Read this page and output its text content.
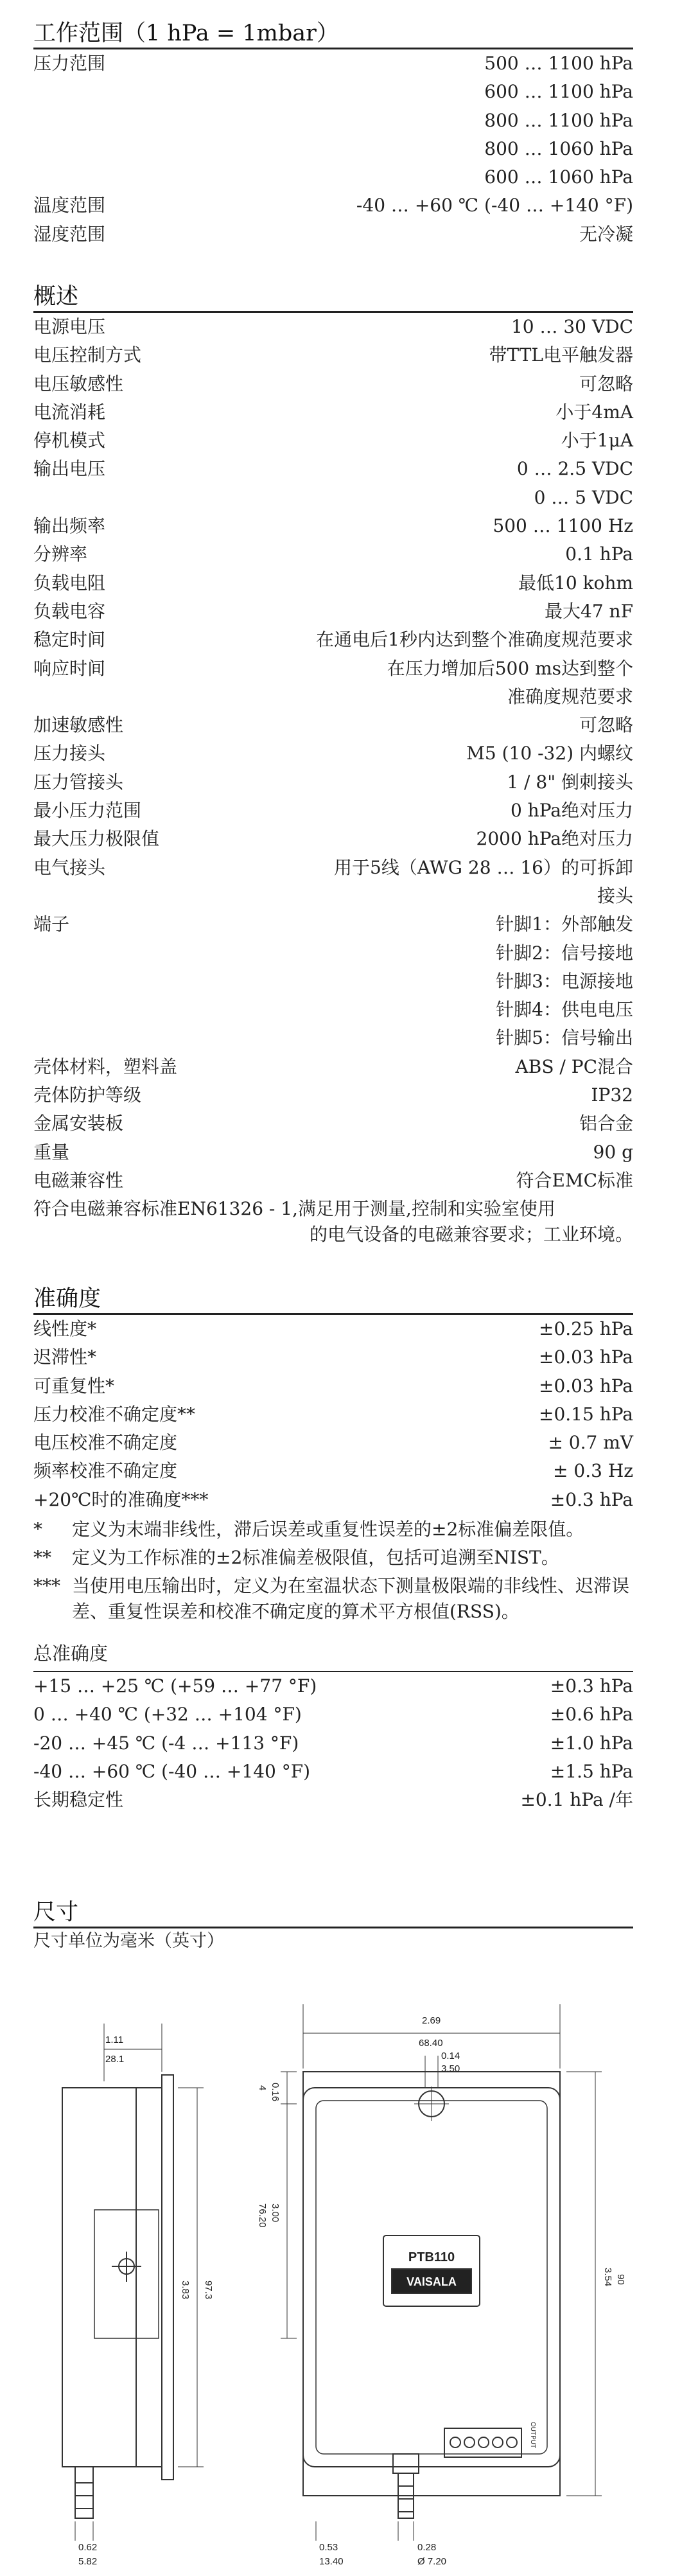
工作范围（1 hPa = 1mbar）
压力范围	500 … 1100 hPa
	600 … 1100 hPa
	800 … 1100 hPa
	800 … 1060 hPa
	600 … 1060 hPa
温度范围	-40 … +60 ℃ (-40 … +140 °F)
湿度范围	无冷凝
概述
电源电压	10 … 30 VDC
电压控制方式	带TTL电平触发器
电压敏感性	可忽略
电流消耗	小于4mA
停机模式	小于1μA
输出电压	0 … 2.5 VDC
	0 … 5 VDC
输出频率	500 … 1100 Hz
分辨率	0.1 hPa
负载电阻	最低10 kohm
负载电容	最大47 nF
稳定时间	在通电后1秒内达到整个准确度规范要求
响应时间	在压力增加后500 ms达到整个
	准确度规范要求
加速敏感性	可忽略
压力接头	M5 (10 -32) 内螺纹
压力管接头	1 / 8" 倒刺接头
最小压力范围	0 hPa绝对压力
最大压力极限值	2000 hPa绝对压力
电气接头	用于5线（AWG 28 … 16）的可拆卸
	接头
端子	针脚1：外部触发
	针脚2：信号接地
	针脚3：电源接地
	针脚4：供电电压
	针脚5：信号输出
壳体材料，塑料盖	ABS / PC混合
壳体防护等级	IP32
金属安装板	铝合金
重量	90 g
电磁兼容性	符合EMC标准
符合电磁兼容标准EN61326 - 1,满足用于测量,控制和实验室使用
的电气设备的电磁兼容要求；工业环境。
准确度
线性度*	±0.25 hPa
迟滞性*	±0.03 hPa
可重复性*	±0.03 hPa
压力校准不确定度**	±0.15 hPa
电压校准不确定度	± 0.7 mV
频率校准不确定度	± 0.3 Hz
+20℃时的准确度***	±0.3 hPa
*	定义为末端非线性，滞后误差或重复性误差的±2标准偏差限值。
**	定义为工作标准的±2标准偏差极限值，包括可追溯至NIST。
*** 当使用电压输出时，定义为在室温状态下测量极限端的非线性、迟滞误差、重复性误差和校准不确定度的算术平方根值(RSS)。
总准确度
+15 … +25 ℃ (+59 … +77 °F)	±0.3 hPa
0 … +40 ℃ (+32 … +104 °F)	±0.6 hPa
-20 … +45 ℃ (-4 … +113 °F)	±1.0 hPa
-40 … +60 ℃ (-40 … +140 °F)	±1.5 hPa
长期稳定性	±0.1 hPa /年
尺寸
尺寸单位为毫米（英寸）
1.11
28.1
3.83 97.3
0.62
5.82
2.69
68.40
0.14
3.50
0.16
4
3.00
76.20
3.54 90
0.53
13.40
0.28
Ø 7.20
PTB110
VAISALA
OUTPUT
